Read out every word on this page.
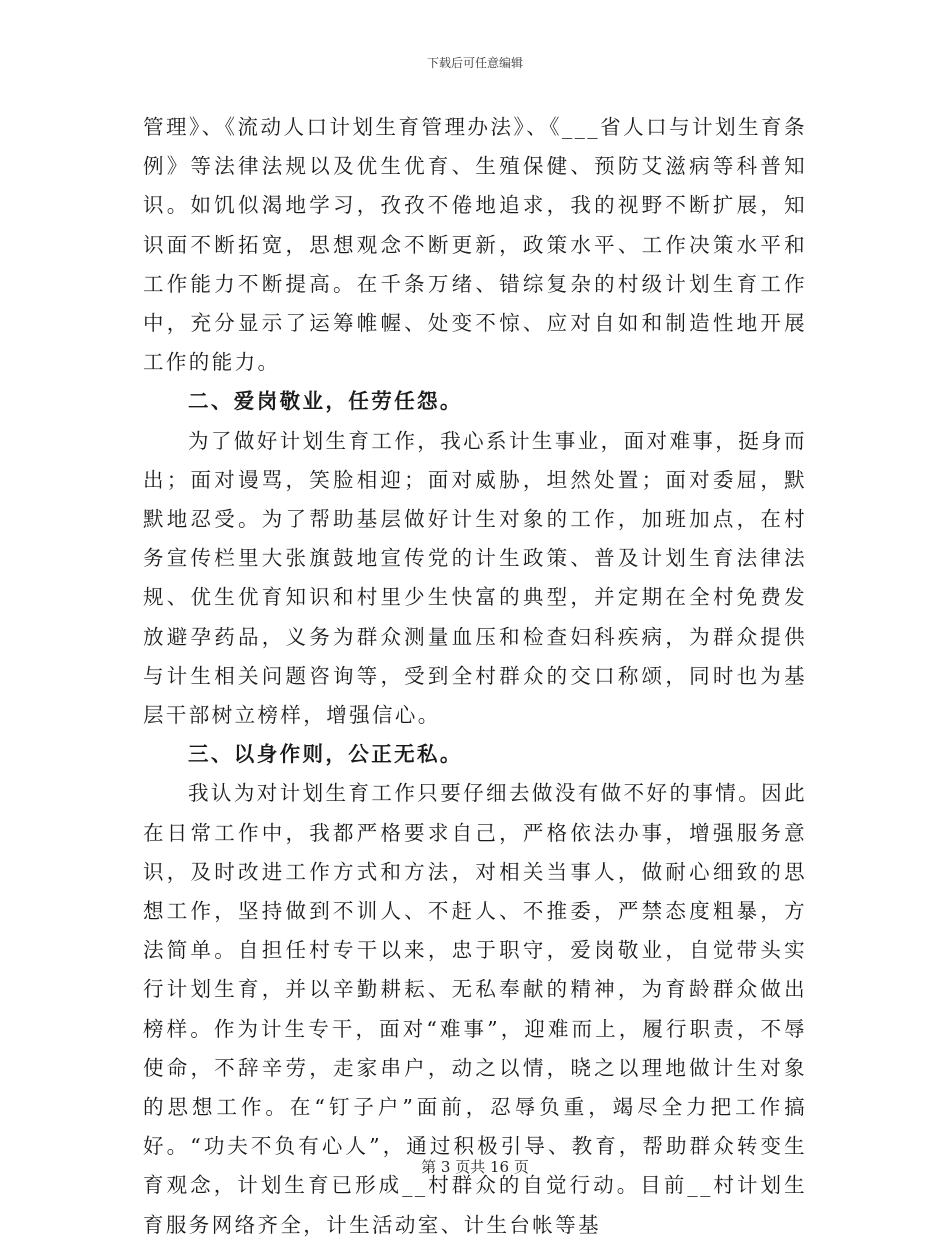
下载后可任意编辑

管理》、《流动人口计划生育管理办法》、《___省人口与计划生育条例》等法律法规以及优生优育、生殖保健、预防艾滋病等科普知识。如饥似渴地学习，孜孜不倦地追求，我的视野不断扩展，知识面不断拓宽，思想观念不断更新，政策水平、工作决策水平和工作能力不断提高。在千条万绪、错综复杂的村级计划生育工作中，充分显示了运筹帷幄、处变不惊、应对自如和制造性地开展工作的能力。

二、爱岗敬业，任劳任怨。

为了做好计划生育工作，我心系计生事业，面对难事，挺身而出；面对谩骂，笑脸相迎；面对威胁，坦然处置；面对委屈，默默地忍受。为了帮助基层做好计生对象的工作，加班加点，在村务宣传栏里大张旗鼓地宣传党的计生政策、普及计划生育法律法规、优生优育知识和村里少生快富的典型，并定期在全村免费发放避孕药品，义务为群众测量血压和检查妇科疾病，为群众提供与计生相关问题咨询等，受到全村群众的交口称颂，同时也为基层干部树立榜样，增强信心。

三、以身作则，公正无私。

我认为对计划生育工作只要仔细去做没有做不好的事情。因此在日常工作中，我都严格要求自己，严格依法办事，增强服务意识，及时改进工作方式和方法，对相关当事人，做耐心细致的思想工作，坚持做到不训人、不赶人、不推委，严禁态度粗暴，方法简单。自担任村专干以来，忠于职守，爱岗敬业，自觉带头实行计划生育，并以辛勤耕耘、无私奉献的精神，为育龄群众做出榜样。作为计生专干，面对“难事”，迎难而上，履行职责，不辱使命，不辞辛劳，走家串户，动之以情，晓之以理地做计生对象的思想工作。在“钉子户”面前，忍辱负重，竭尽全力把工作搞好。“功夫不负有心人”，通过积极引导、教育，帮助群众转变生育观念，计划生育已形成__村群众的自觉行动。目前__村计划生育服务网络齐全，计生活动室、计生台帐等基

第 3 页共 16 页
